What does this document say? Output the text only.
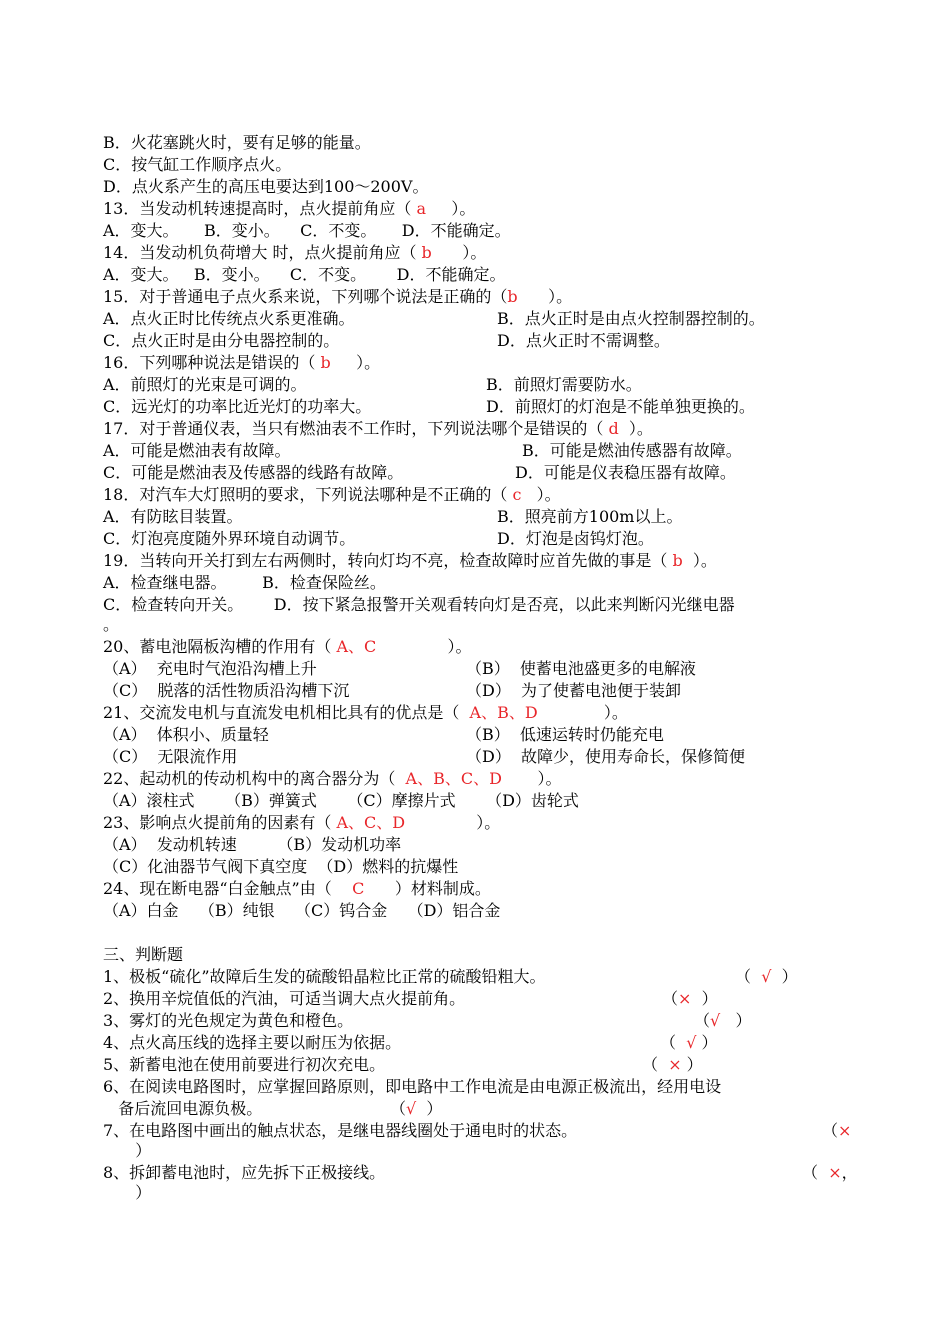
B．火花塞跳火时，要有足够的能量。
C．按气缸工作顺序点火。
D．点火系产生的高压电要达到100～200V。
13．当发动机转速提高时，点火提前角应（ a     ）。
A．变大。     B．变小。    C．不变。     D．不能确定。
14．当发动机负荷增大 时，点火提前角应（ b      ）。
A．变大。   B．变小。    C．不变。      D．不能确定。
15．对于普通电子点火系来说，下列哪个说法是正确的（b      ）。
A．点火正时比传统点火系更准确。	B．点火正时是由点火控制器控制的。
C．点火正时是由分电器控制的。	D．点火正时不需调整。
16．下列哪种说法是错误的（ b     ）。
A．前照灯的光束是可调的。	B．前照灯需要防水。
C．远光灯的功率比近光灯的功率大。	D．前照灯的灯泡是不能单独更换的。
17．对于普通仪表，当只有燃油表不工作时，下列说法哪个是错误的（ d  ）。
A．可能是燃油表有故障。	B．可能是燃油传感器有故障。
C．可能是燃油表及传感器的线路有故障。	D．可能是仪表稳压器有故障。
18．对汽车大灯照明的要求，下列说法哪种是不正确的（ c   ）。
A．有防眩目装置。	B．照亮前方100m以上。
C．灯泡亮度随外界环境自动调节。	D．灯泡是卤钨灯泡。
19．当转向开关打到左右两侧时，转向灯均不亮，检查故障时应首先做的事是（ b  ）。
A．检查继电器。       B．检查保险丝。
C．检查转向开关。      D．按下紧急报警开关观看转向灯是否亮，以此来判断闪光继电器
。
20、蓄电池隔板沟槽的作用有（ A、C              ）。
（A）  充电时气泡沿沟槽上升	（B）  使蓄电池盛更多的电解液
（C）  脱落的活性物质沿沟槽下沉	（D）  为了使蓄电池便于装卸
21、交流发电机与直流发电机相比具有的优点是（  A、B、D             ）。
（A）  体积小、质量轻	（B）  低速运转时仍能充电
（C）  无限流作用	（D）  故障少，使用寿命长，保修简便
22、起动机的传动机构中的离合器分为（  A、B、C、D       ）。
（A）滚柱式      （B）弹簧式      （C）摩擦片式      （D）齿轮式
23、影响点火提前角的因素有（ A、C、D              ）。
（A）  发动机转速        （B）发动机功率
（C）化油器节气阀下真空度  （D）燃料的抗爆性
24、现在断电器“白金触点”由（    C      ）材料制成。
（A）白金    （B）纯银    （C）钨合金    （D）铝合金
三、判断题
1、极板“硫化”故障后生发的硫酸铅晶粒比正常的硫酸铅粗大。	（  √  ）
2、换用辛烷值低的汽油，可适当调大点火提前角。	（×  ）
3、雾灯的光色规定为黄色和橙色。	（√   ）
4、点火高压线的选择主要以耐压为依据。	（  √ ）
5、新蓄电池在使用前要进行初次充电。	（  × ）
6、在阅读电路图时，应掌握回路原则，即电路中工作电流是由电源正极流出，经用电设
备后流回电源负极。	（√  ）
7、在电路图中画出的触点状态，是继电器线圈处于通电时的状态。	（×
）
8、拆卸蓄电池时，应先拆下正极接线。	（  ×，
）
